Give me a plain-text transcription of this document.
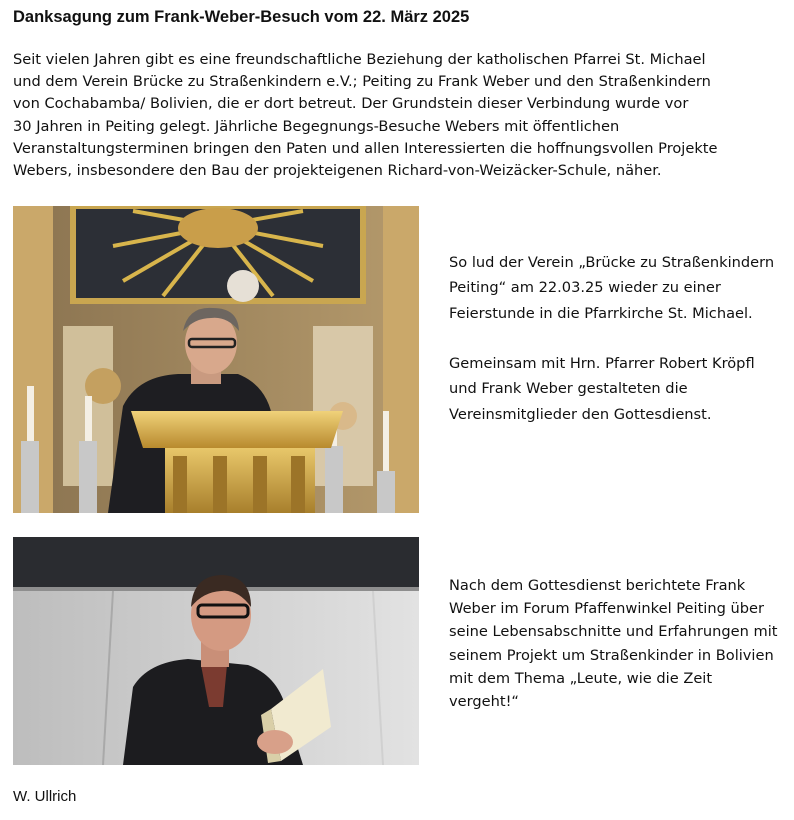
Danksagung zum Frank-Weber-Besuch vom 22. März 2025
Seit vielen Jahren gibt es eine freundschaftliche Beziehung der katholischen Pfarrei St. Michael
und dem Verein Brücke zu Straßenkindern e.V.; Peiting zu Frank Weber und den Straßenkindern
von Cochabamba/ Bolivien, die er dort betreut. Der Grundstein dieser Verbindung wurde vor
30 Jahren in Peiting gelegt. Jährliche Begegnungs-Besuche Webers mit öffentlichen
Veranstaltungsterminen bringen den Paten und allen Interessierten die hoffnungsvollen Projekte
Webers, insbesondere den Bau der projekteigenen Richard-von-Weizäcker-Schule, näher.
So lud der Verein „Brücke zu Straßenkindern
Peiting“ am 22.03.25 wieder zu einer
Feierstunde in die Pfarrkirche St. Michael.
Gemeinsam mit Hrn. Pfarrer Robert Kröpfl
und Frank Weber gestalteten die
Vereinsmitglieder den Gottesdienst.
Nach dem Gottesdienst berichtete Frank
Weber im Forum Pfaffenwinkel Peiting über
seine Lebensabschnitte und Erfahrungen mit
seinem Projekt um Straßenkinder in Bolivien
mit dem Thema „Leute, wie die Zeit
vergeht!“
W. Ullrich
